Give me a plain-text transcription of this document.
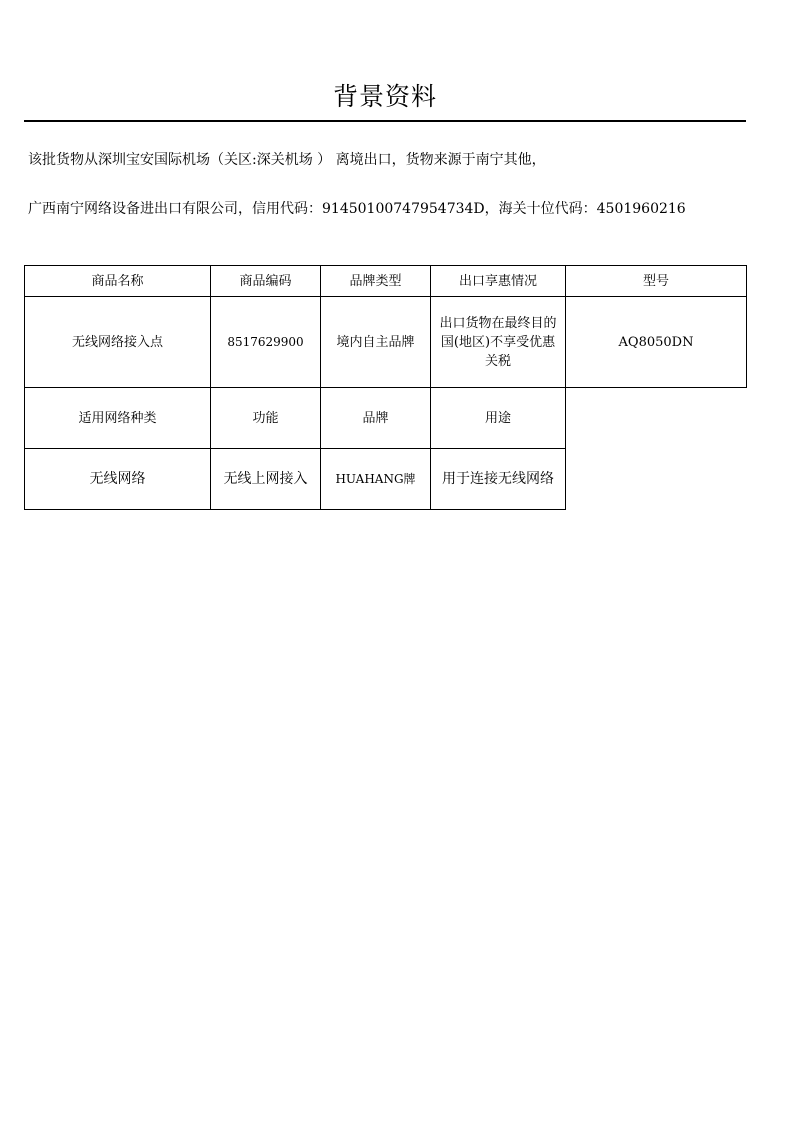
背景资料
该批货物从深圳宝安国际机场（关区:深关机场 ） 离境出口，货物来源于南宁其他，
广西南宁网络设备进出口有限公司，信用代码：91450100747954734D，海关十位代码：4501960216
商品名称	商品编码	品牌类型	出口享惠情况	型号
无线网络接入点	8517629900	境内自主品牌	出口货物在最终目的国(地区)不享受优惠关税	AQ8050DN
适用网络种类	功能	品牌	用途	
无线网络	无线上网接入	HUAHANG牌	用于连接无线网络	
